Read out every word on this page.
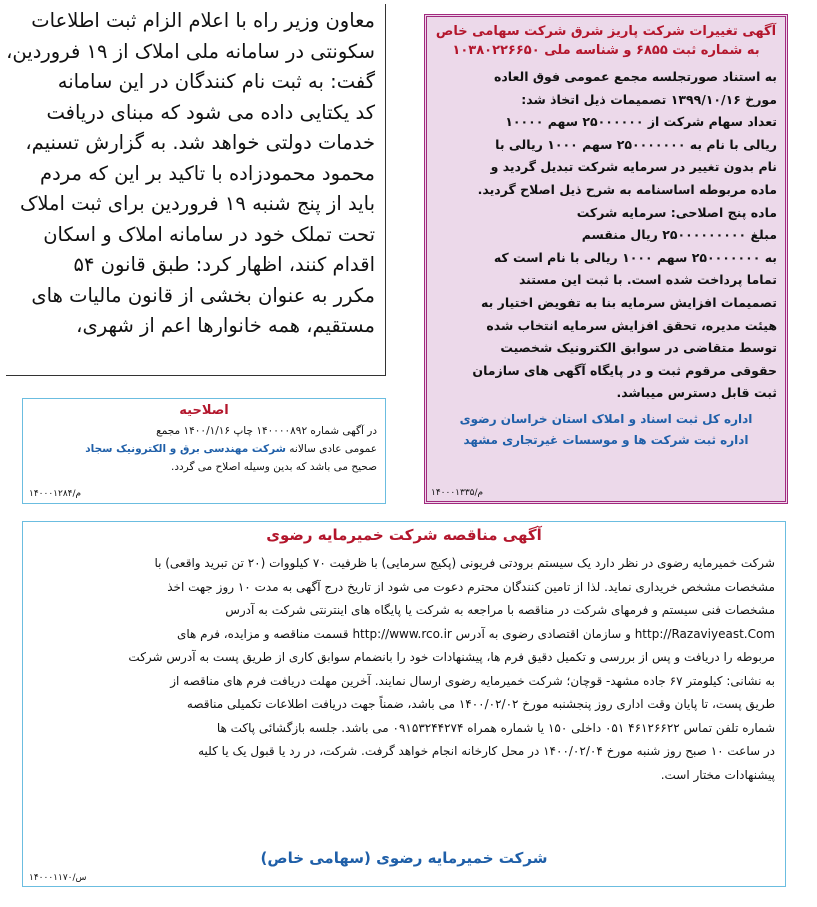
معاون وزیر راه با اعلام الزام ثبت اطلاعات
سکونتی در سامانه ملی املاک از ۱۹ فروردین،
گفت: به ثبت نام کنندگان در این سامانه
کد یکتایی داده می شود که مبنای دریافت
خدمات دولتی خواهد شد. به گزارش تسنیم،
محمود محمودزاده با تاکید بر این که مردم
باید از پنج شنبه ۱۹ فروردین برای ثبت املاک
تحت تملک خود در سامانه املاک و اسکان
اقدام کنند، اظهار کرد: طبق قانون ۵۴
مکرر به عنوان بخشی از قانون مالیات های
مستقیم، همه خانوارها اعم از شهری،

اصلاحیه
در آگهی شماره ۱۴۰۰۰۰۸۹۲ چاپ ۱۴۰۰/۱/۱۶ مجمع
عمومی عادی سالانه شرکت مهندسی برق و الکترونیک سجاد
صحیح می باشد که بدین وسیله اصلاح می گردد.
۱۴۰۰۰۱۲۸۴/م
آگهی تغییرات شرکت پاریز شرق شرکت سهامی خاص
به شماره ثبت ۶۸۵۵ و شناسه ملی ۱۰۳۸۰۲۲۶۶۵۰
به استناد صورتجلسه مجمع عمومی فوق العاده
مورخ ۱۳۹۹/۱۰/۱۶ تصمیمات ذیل اتخاذ شد:
تعداد سهام شرکت از ۲۵۰۰۰۰۰۰ سهم ۱۰۰۰۰
ریالی با نام به ۲۵۰۰۰۰۰۰۰ سهم ۱۰۰۰ ریالی با
نام بدون تغییر در سرمایه شرکت تبدیل گردید و
ماده مربوطه اساسنامه به شرح ذیل اصلاح گردید.
ماده پنج اصلاحی: سرمایه شرکت
مبلغ ۲۵۰۰۰۰۰۰۰۰۰ ریال منقسم
به ۲۵۰۰۰۰۰۰۰ سهم ۱۰۰۰ ریالی با نام است که
تماما پرداخت شده است. با ثبت این مستند
تصمیمات افزایش سرمایه بنا به تفویض اختیار به
هیئت مدیره، تحقق افزایش سرمایه انتخاب شده
توسط متقاضی در سوابق الکترونیک شخصیت
حقوقی مرقوم ثبت و در پایگاه آگهی های سازمان
ثبت قابل دسترس میباشد.
اداره کل ثبت اسناد و املاک استان خراسان رضوی
اداره ثبت شرکت ها و موسسات غیرتجاری مشهد
۱۴۰۰۰۱۳۳۵/م
آگهی مناقصه شرکت خمیرمایه رضوی
شرکت خمیرمایه رضوی در نظر دارد یک سیستم برودتی فریونی (پکیج سرمایی) با ظرفیت ۷۰ کیلووات (۲۰ تن تبرید واقعی) با
مشخصات مشخص خریداری نماید. لذا از تامین کنندگان محترم دعوت می شود از تاریخ درج آگهی به مدت ۱۰ روز جهت اخذ
مشخصات فنی سیستم و فرمهای شرکت در مناقصه با مراجعه به شرکت یا پایگاه های اینترنتی شرکت به آدرس
http://Razaviyeast.Com و سازمان اقتصادی رضوی به آدرس http://www.rco.ir قسمت مناقصه و مزایده، فرم های
مربوطه را دریافت و پس از بررسی و تکمیل دقیق فرم ها، پیشنهادات خود را بانضمام سوابق کاری از طریق پست به آدرس شرکت
به نشانی: کیلومتر ۶۷ جاده مشهد- قوچان؛ شرکت خمیرمایه رضوی ارسال نمایند. آخرین مهلت دریافت فرم های مناقصه از
طریق پست، تا پایان وقت اداری روز پنجشنبه مورخ ۱۴۰۰/۰۲/۰۲ می باشد، ضمناً جهت دریافت اطلاعات تکمیلی مناقصه
شماره تلفن تماس ۴۶۱۲۶۶۲۲ ۰۵۱ داخلی ۱۵۰ یا شماره همراه ۰۹۱۵۳۲۴۴۲۷۴ می باشد. جلسه بازگشائی پاکت ها
در ساعت ۱۰ صبح روز شنبه مورخ ۱۴۰۰/۰۲/۰۴ در محل کارخانه انجام خواهد گرفت. شرکت، در رد یا قبول یک یا کلیه
پیشنهادات مختار است.
شرکت خمیرمایه رضوی (سهامی خاص)
۱۴۰۰۰۱۱۷۰/س
